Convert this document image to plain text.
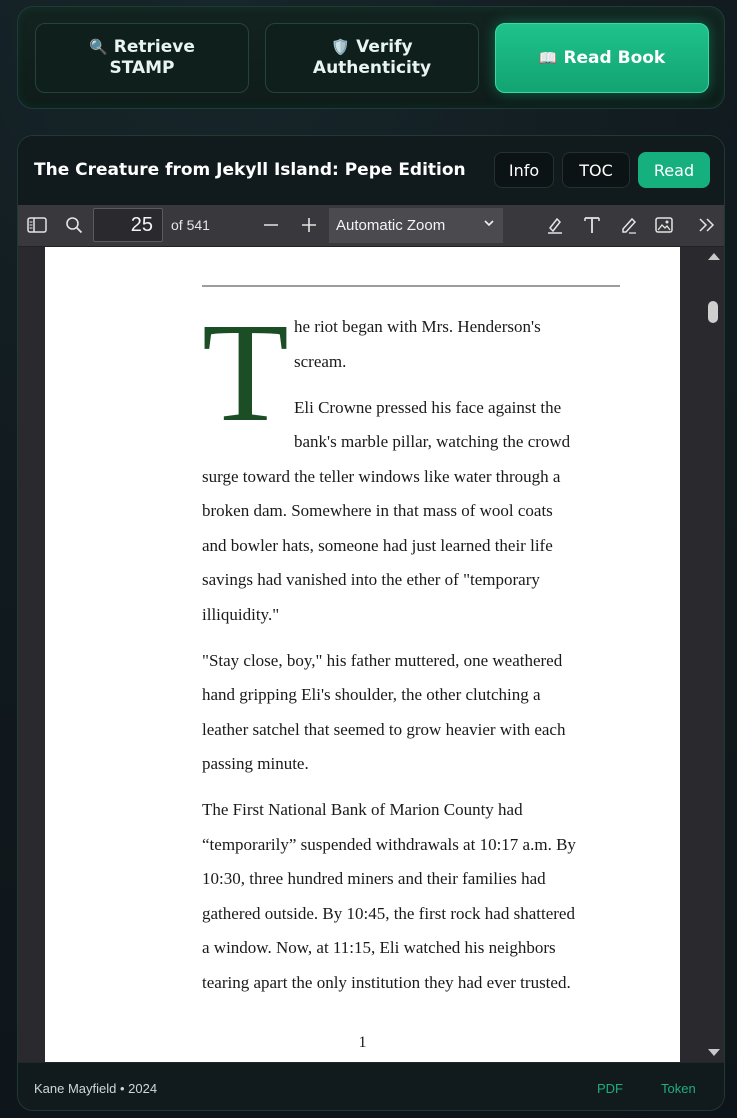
🔍 Retrieve
STAMP
🛡️ Verify
Authenticity
📖 Read Book
The Creature from Jekyll Island: Pepe Edition	Info	TOC	Read
25
of 541	Automatic Zoom
T he riot began with Mrs. Henderson's
scream.
Eli Crowne pressed his face against the
bank's marble pillar, watching the crowd
surge toward the teller windows like water through a
broken dam. Somewhere in that mass of wool coats
and bowler hats, someone had just learned their life
savings had vanished into the ether of "temporary
illiquidity."
"Stay close, boy," his father muttered, one weathered
hand gripping Eli's shoulder, the other clutching a
leather satchel that seemed to grow heavier with each
passing minute.
The First National Bank of Marion County had
“temporarily” suspended withdrawals at 10:17 a.m. By
10:30, three hundred miners and their families had
gathered outside. By 10:45, the first rock had shattered
a window. Now, at 11:15, Eli watched his neighbors
tearing apart the only institution they had ever trusted.
1
Kane Mayfield • 2024	PDF	Token
